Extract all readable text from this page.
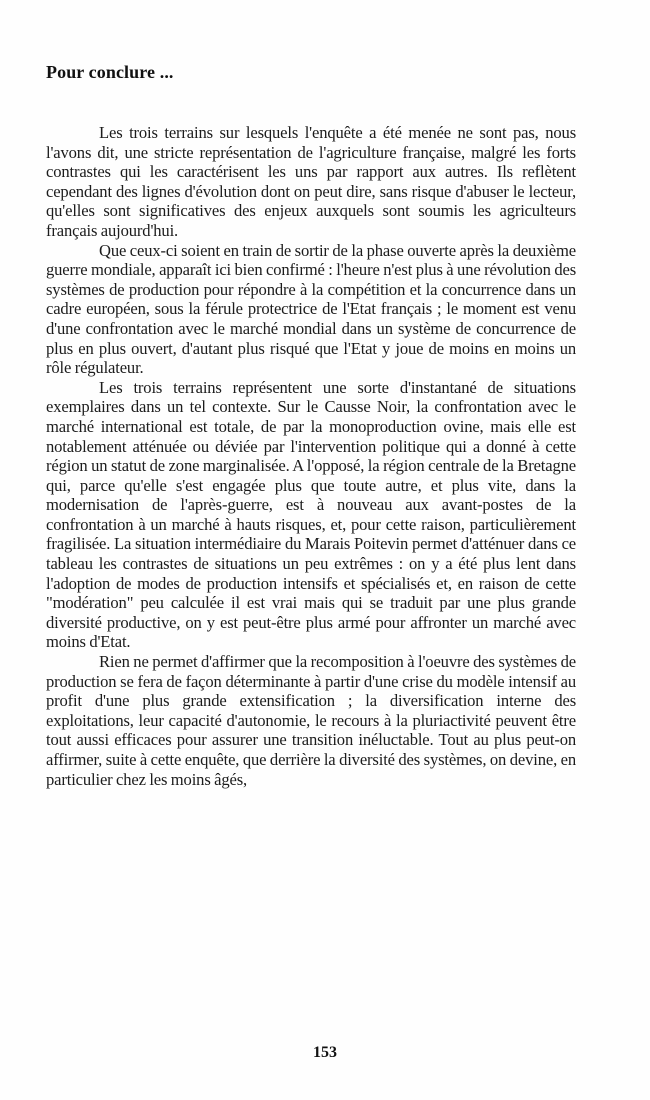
Pour conclure ...

Les trois terrains sur lesquels l'enquête a été menée ne sont pas, nous l'avons dit, une stricte représentation de l'agriculture française, malgré les forts contrastes qui les caractérisent les uns par rapport aux autres. Ils reflètent cependant des lignes d'évolution dont on peut dire, sans risque d'abuser le lecteur, qu'elles sont significatives des enjeux auxquels sont soumis les agriculteurs français aujourd'hui.

Que ceux-ci soient en train de sortir de la phase ouverte après la deuxième guerre mondiale, apparaît ici bien confirmé : l'heure n'est plus à une révolution des systèmes de production pour répondre à la compétition et la concurrence dans un cadre européen, sous la férule protectrice de l'Etat français ; le moment est venu d'une confrontation avec le marché mondial dans un système de concurrence de plus en plus ouvert, d'autant plus risqué que l'Etat y joue de moins en moins un rôle régulateur.

Les trois terrains représentent une sorte d'instantané de situations exemplaires dans un tel contexte. Sur le Causse Noir, la confrontation avec le marché international est totale, de par la monoproduction ovine, mais elle est notablement atténuée ou déviée par l'intervention politique qui a donné à cette région un statut de zone marginalisée. A l'opposé, la région centrale de la Bretagne qui, parce qu'elle s'est engagée plus que toute autre, et plus vite, dans la modernisation de l'après-guerre, est à nouveau aux avant-postes de la confrontation à un marché à hauts risques, et, pour cette raison, particulièrement fragilisée. La situation intermédiaire du Marais Poitevin permet d'atténuer dans ce tableau les contrastes de situations un peu extrêmes : on y a été plus lent dans l'adoption de modes de production intensifs et spécialisés et, en raison de cette "modération" peu calculée il est vrai mais qui se traduit par une plus grande diversité productive, on y est peut-être plus armé pour affronter un marché avec moins d'Etat.

Rien ne permet d'affirmer que la recomposition à l'oeuvre des systèmes de production se fera de façon déterminante à partir d'une crise du modèle intensif au profit d'une plus grande extensification ; la diversification interne des exploitations, leur capacité d'autonomie, le recours à la pluriactivité peuvent être tout aussi efficaces pour assurer une transition inéluctable. Tout au plus peut-on affirmer, suite à cette enquête, que derrière la diversité des systèmes, on devine, en particulier chez les moins âgés,

153
